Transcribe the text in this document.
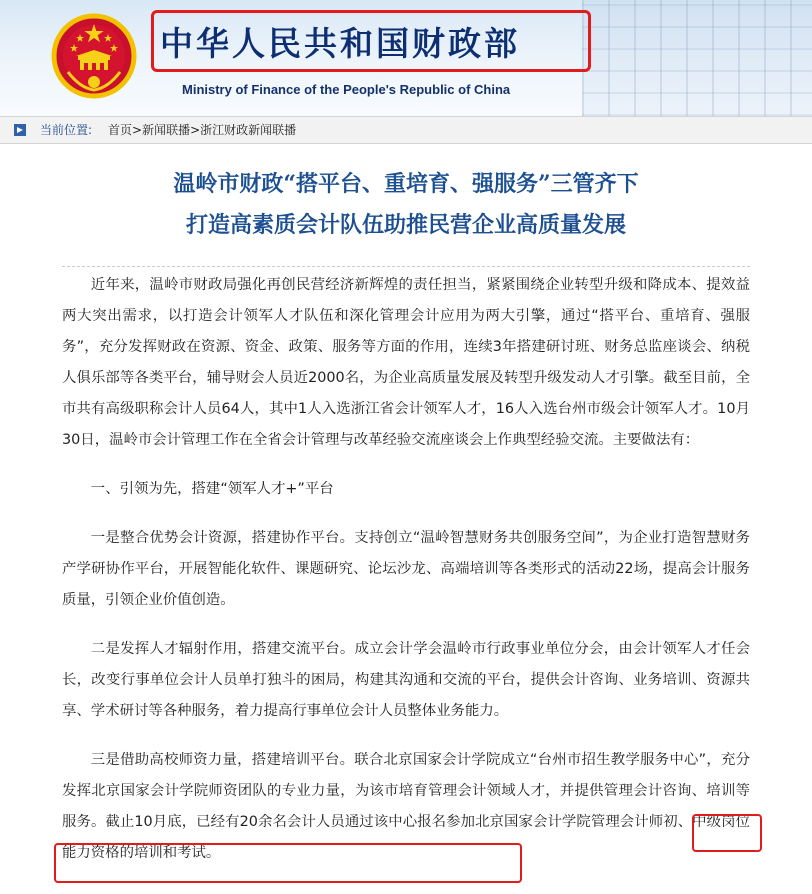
中华人民共和国财政部
Ministry of Finance of the People's Republic of China
当前位置: 首页>新闻联播>浙江财政新闻联播
温岭市财政“搭平台、重培育、强服务”三管齐下
打造高素质会计队伍助推民营企业高质量发展

近年来，温岭市财政局强化再创民营经济新辉煌的责任担当，紧紧围绕企业转型升级和降成本、提效益两大突出需求，以打造会计领军人才队伍和深化管理会计应用为两大引擎，通过“搭平台、重培育、强服务”，充分发挥财政在资源、资金、政策、服务等方面的作用，连续3年搭建研讨班、财务总监座谈会、纳税人俱乐部等各类平台，辅导财会人员近2000名，为企业高质量发展及转型升级发动人才引擎。截至目前，全市共有高级职称会计人员64人，其中1人入选浙江省会计领军人才，16人入选台州市级会计领军人才。10月30日，温岭市会计管理工作在全省会计管理与改革经验交流座谈会上作典型经验交流。主要做法有：

一、引领为先，搭建“领军人才+”平台

一是整合优势会计资源，搭建协作平台。支持创立“温岭智慧财务共创服务空间”，为企业打造智慧财务产学研协作平台，开展智能化软件、课题研究、论坛沙龙、高端培训等各类形式的活动22场，提高会计服务质量，引领企业价值创造。

二是发挥人才辐射作用，搭建交流平台。成立会计学会温岭市行政事业单位分会，由会计领军人才任会长，改变行事单位会计人员单打独斗的困局，构建其沟通和交流的平台，提供会计咨询、业务培训、资源共享、学术研讨等各种服务，着力提高行事单位会计人员整体业务能力。

三是借助高校师资力量，搭建培训平台。联合北京国家会计学院成立“台州市招生教学服务中心”，充分发挥北京国家会计学院师资团队的专业力量，为该市培育管理会计领域人才，并提供管理会计咨询、培训等服务。截止10月底，已经有20余名会计人员通过该中心报名参加北京国家会计学院管理会计师初、中级岗位能力资格的培训和考试。
